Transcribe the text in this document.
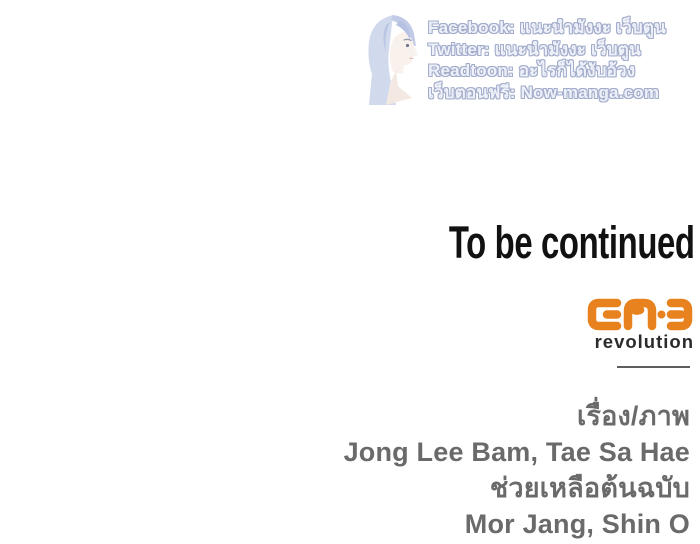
Facebook: แนะนำมังงะ เว็บตูน
Twitter: แนะนำมังงะ เว็บตูน
Readtoon: อะไรก็ได้งับอ้วง
เว็บตอนฟรี: Now-manga.com
To be continued
revolution
เรื่อง/ภาพ
Jong Lee Bam, Tae Sa Hae
ช่วยเหลือต้นฉบับ
Mor Jang, Shin O
